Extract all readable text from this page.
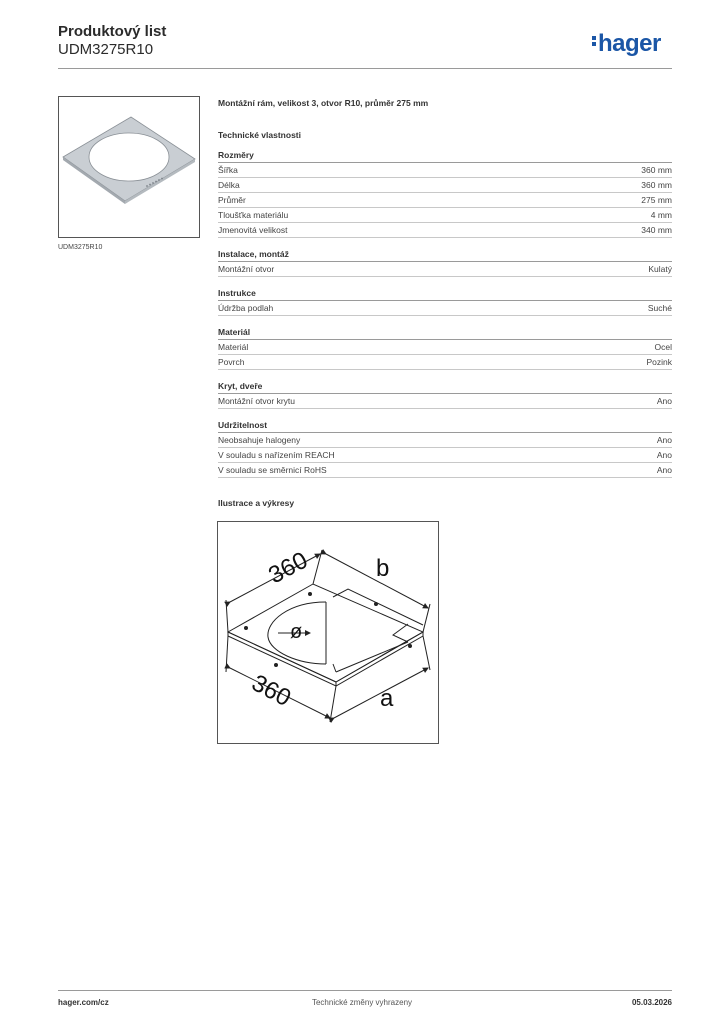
Produktový list
UDM3275R10	hager
UDM3275R10
Montážní rám, velikost 3, otvor R10, průměr 275 mm
Technické vlastnosti
Rozměry
Šířka	360 mm
Délka	360 mm
Průměr	275 mm
Tloušťka materiálu	4 mm
Jmenovitá velikost	340 mm
Instalace, montáž
Montážní otvor	Kulatý
Instrukce
Údržba podlah	Suché
Materiál
Materiál	Ocel
Povrch	Pozink
Kryt, dveře
Montážní otvor krytu	Ano
Udržitelnost
Neobsahuje halogeny	Ano
V souladu s nařízením REACH	Ano
V souladu se směrnicí RoHS	Ano
Ilustrace a výkresy
360	b
ø
360	a
hager.com/cz	Technické změny vyhrazeny	05.03.2026
